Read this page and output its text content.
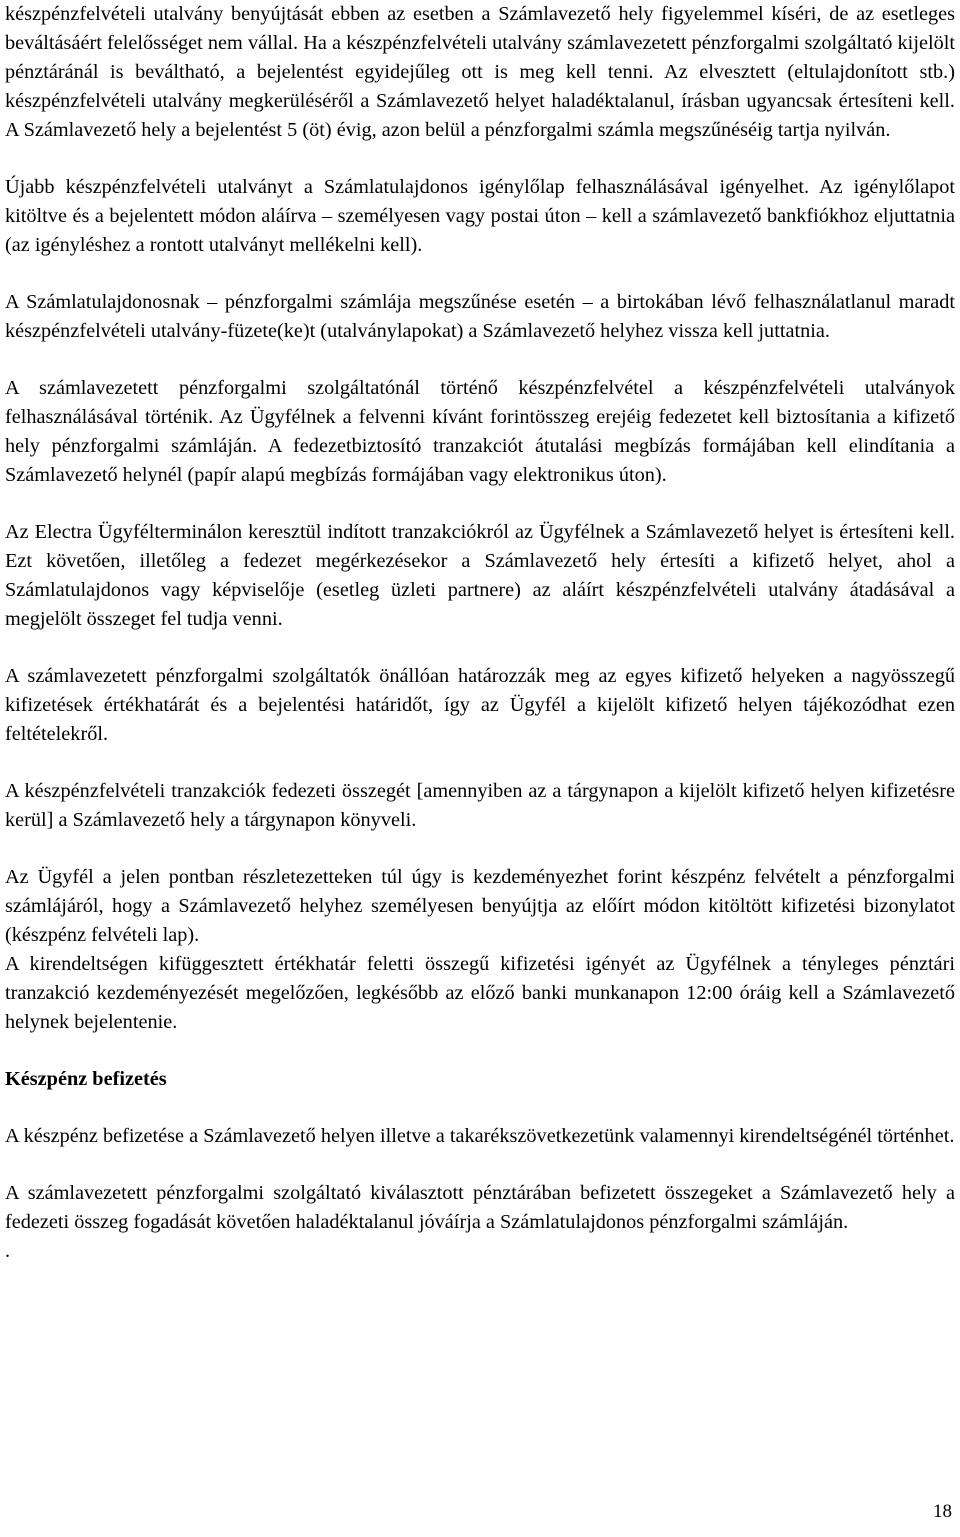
készpénzfelvételi utalvány benyújtását ebben az esetben a Számlavezető hely figyelemmel kíséri, de az esetleges beváltásáért felelősséget nem vállal. Ha a készpénzfelvételi utalvány számlavezetett pénzforgalmi szolgáltató kijelölt pénztáránál is beváltható, a bejelentést egyidejűleg ott is meg kell tenni. Az elvesztett (eltulajdonított stb.) készpénzfelvételi utalvány megkerüléséről a Számlavezető helyet haladéktalanul, írásban ugyancsak értesíteni kell. A Számlavezető hely a bejelentést 5 (öt) évig, azon belül a pénzforgalmi számla megszűnéséig tartja nyilván.

Újabb készpénzfelvételi utalványt a Számlatulajdonos igénylőlap felhasználásával igényelhet. Az igénylőlapot kitöltve és a bejelentett módon aláírva – személyesen vagy postai úton – kell a számlavezető bankfiókhoz eljuttatnia (az igényléshez a rontott utalványt mellékelni kell).

A Számlatulajdonosnak – pénzforgalmi számlája megszűnése esetén – a birtokában lévő felhasználatlanul maradt készpénzfelvételi utalvány-füzete(ke)t (utalványlapokat) a Számlavezető helyhez vissza kell juttatnia.

A számlavezetett pénzforgalmi szolgáltatónál történő készpénzfelvétel a készpénzfelvételi utalványok felhasználásával történik. Az Ügyfélnek a felvenni kívánt forintösszeg erejéig fedezetet kell biztosítania a kifizető hely pénzforgalmi számláján. A fedezetbiztosító tranzakciót átutalási megbízás formájában kell elindítania a Számlavezető helynél (papír alapú megbízás formájában vagy elektronikus úton).

Az Electra Ügyfélterminálon keresztül indított tranzakciókról az Ügyfélnek a Számlavezető helyet is értesíteni kell. Ezt követően, illetőleg a fedezet megérkezésekor a Számlavezető hely értesíti a kifizető helyet, ahol a Számlatulajdonos vagy képviselője (esetleg üzleti partnere) az aláírt készpénzfelvételi utalvány átadásával a megjelölt összeget fel tudja venni.

A számlavezetett pénzforgalmi szolgáltatók önállóan határozzák meg az egyes kifizető helyeken a nagyösszegű kifizetések értékhatárát és a bejelentési határidőt, így az Ügyfél a kijelölt kifizető helyen tájékozódhat ezen feltételekről.

A készpénzfelvételi tranzakciók fedezeti összegét [amennyiben az a tárgynapon a kijelölt kifizető helyen kifizetésre kerül] a Számlavezető hely a tárgynapon könyveli.

Az Ügyfél a jelen pontban részletezetteken túl úgy is kezdeményezhet forint készpénz felvételt a pénzforgalmi számlájáról, hogy a Számlavezető helyhez személyesen benyújtja az előírt módon kitöltött kifizetési bizonylatot (készpénz felvételi lap).

A kirendeltségen kifüggesztett értékhatár feletti összegű kifizetési igényét az Ügyfélnek a tényleges pénztári tranzakció kezdeményezését megelőzően, legkésőbb az előző banki munkanapon 12:00 óráig kell a Számlavezető helynek bejelentenie.

Készpénz befizetés

A készpénz befizetése a Számlavezető helyen illetve a takarékszövetkezetünk valamennyi kirendeltségénél történhet.

A számlavezetett pénzforgalmi szolgáltató kiválasztott pénztárában befizetett összegeket a Számlavezető hely a fedezeti összeg fogadását követően haladéktalanul jóváírja a Számlatulajdonos pénzforgalmi számláján.

.

18
